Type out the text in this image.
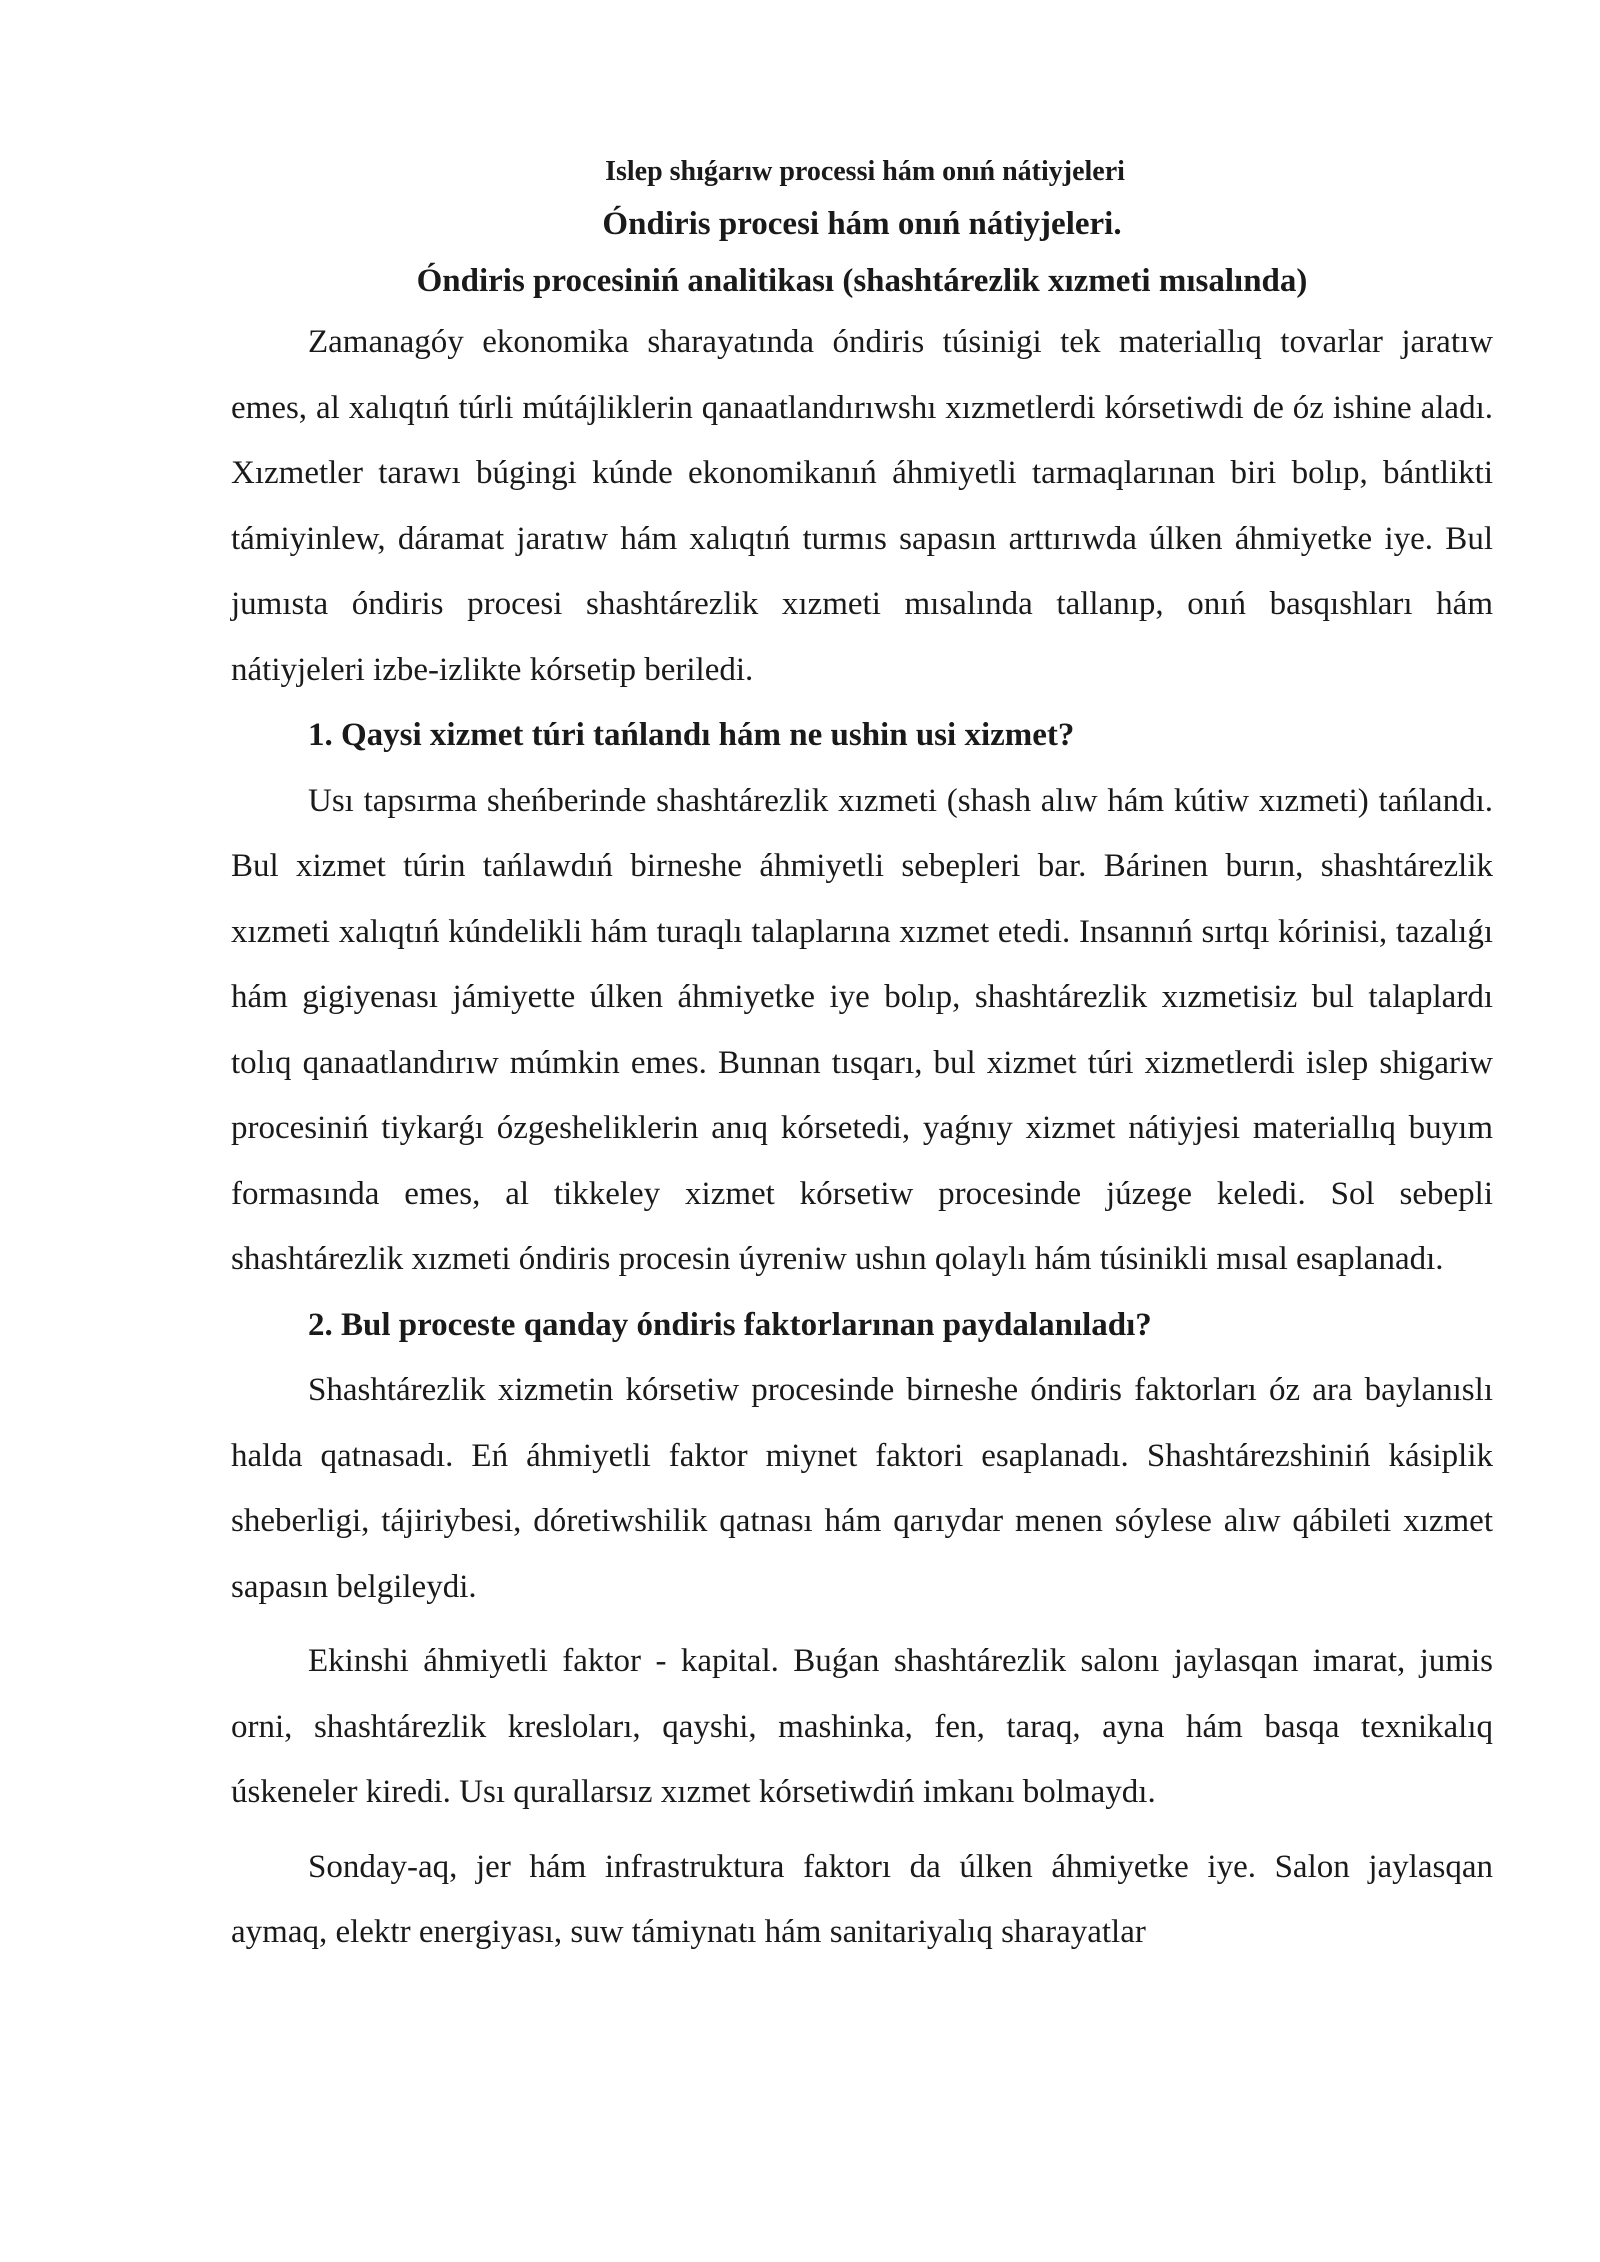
Islep shıǵarıw processi hám onıń nátiyjeleri

Óndiris procesi hám onıń nátiyjeleri.

Óndiris procesiniń analitikası (shashtárezlik xızmeti mısalında)

Zamanagóy ekonomika sharayatında óndiris túsinigi tek materiallıq tovarlar jaratıw emes, al xalıqtıń túrli mútájliklerin qanaatlandırıwshı xızmetlerdi kórsetiwdi de óz ishine aladı. Xızmetler tarawı búgingi kúnde ekonomikanıń áhmiyetli tarmaqlarınan biri bolıp, bántlikti támiyinlew, dáramat jaratıw hám xalıqtıń turmıs sapasın arttırıwda úlken áhmiyetke iye. Bul jumısta óndiris procesi shashtárezlik xızmeti mısalında tallanıp, onıń basqıshları hám nátiyjeleri izbe-izlikte kórsetip beriledi.

1. Qaysi xizmet túri tańlandı hám ne ushin usi xizmet?

Usı tapsırma sheńberinde shashtárezlik xızmeti (shash alıw hám kútiw xızmeti) tańlandı. Bul xizmet túrin tańlawdıń birneshe áhmiyetli sebepleri bar. Bárinen burın, shashtárezlik xızmeti xalıqtıń kúndelikli hám turaqlı talaplarına xızmet etedi. Insannıń sırtqı kórinisi, tazalıǵı hám gigiyenası jámiyette úlken áhmiyetke iye bolıp, shashtárezlik xızmetisiz bul talaplardı tolıq qanaatlandırıw múmkin emes. Bunnan tısqarı, bul xizmet túri xizmetlerdi islep shigariw procesiniń tiykarǵı ózgesheliklerin anıq kórsetedi, yaǵnıy xizmet nátiyjesi materiallıq buyım formasında emes, al tikkeley xizmet kórsetiw procesinde júzege keledi. Sol sebepli shashtárezlik xızmeti óndiris procesin úyreniw ushın qolaylı hám túsinikli mısal esaplanadı.

2. Bul proceste qanday óndiris faktorlarınan paydalanıladı?

Shashtárezlik xizmetin kórsetiw procesinde birneshe óndiris faktorları óz ara baylanıslı halda qatnasadı. Eń áhmiyetli faktor miynet faktori esaplanadı. Shashtárezshiniń kásiplik sheberligi, tájiriybesi, dóretiwshilik qatnası hám qarıydar menen sóylese alıw qábileti xızmet sapasın belgileydi.

Ekinshi áhmiyetli faktor - kapital. Buǵan shashtárezlik salonı jaylasqan imarat, jumis orni, shashtárezlik kresloları, qayshi, mashinka, fen, taraq, ayna hám basqa texnikalıq úskeneler kiredi. Usı qurallarsız xızmet kórsetiwdiń imkanı bolmaydı.

Sonday-aq, jer hám infrastruktura faktorı da úlken áhmiyetke iye. Salon jaylasqan aymaq, elektr energiyası, suw támiynatı hám sanitariyalıq sharayatlar
